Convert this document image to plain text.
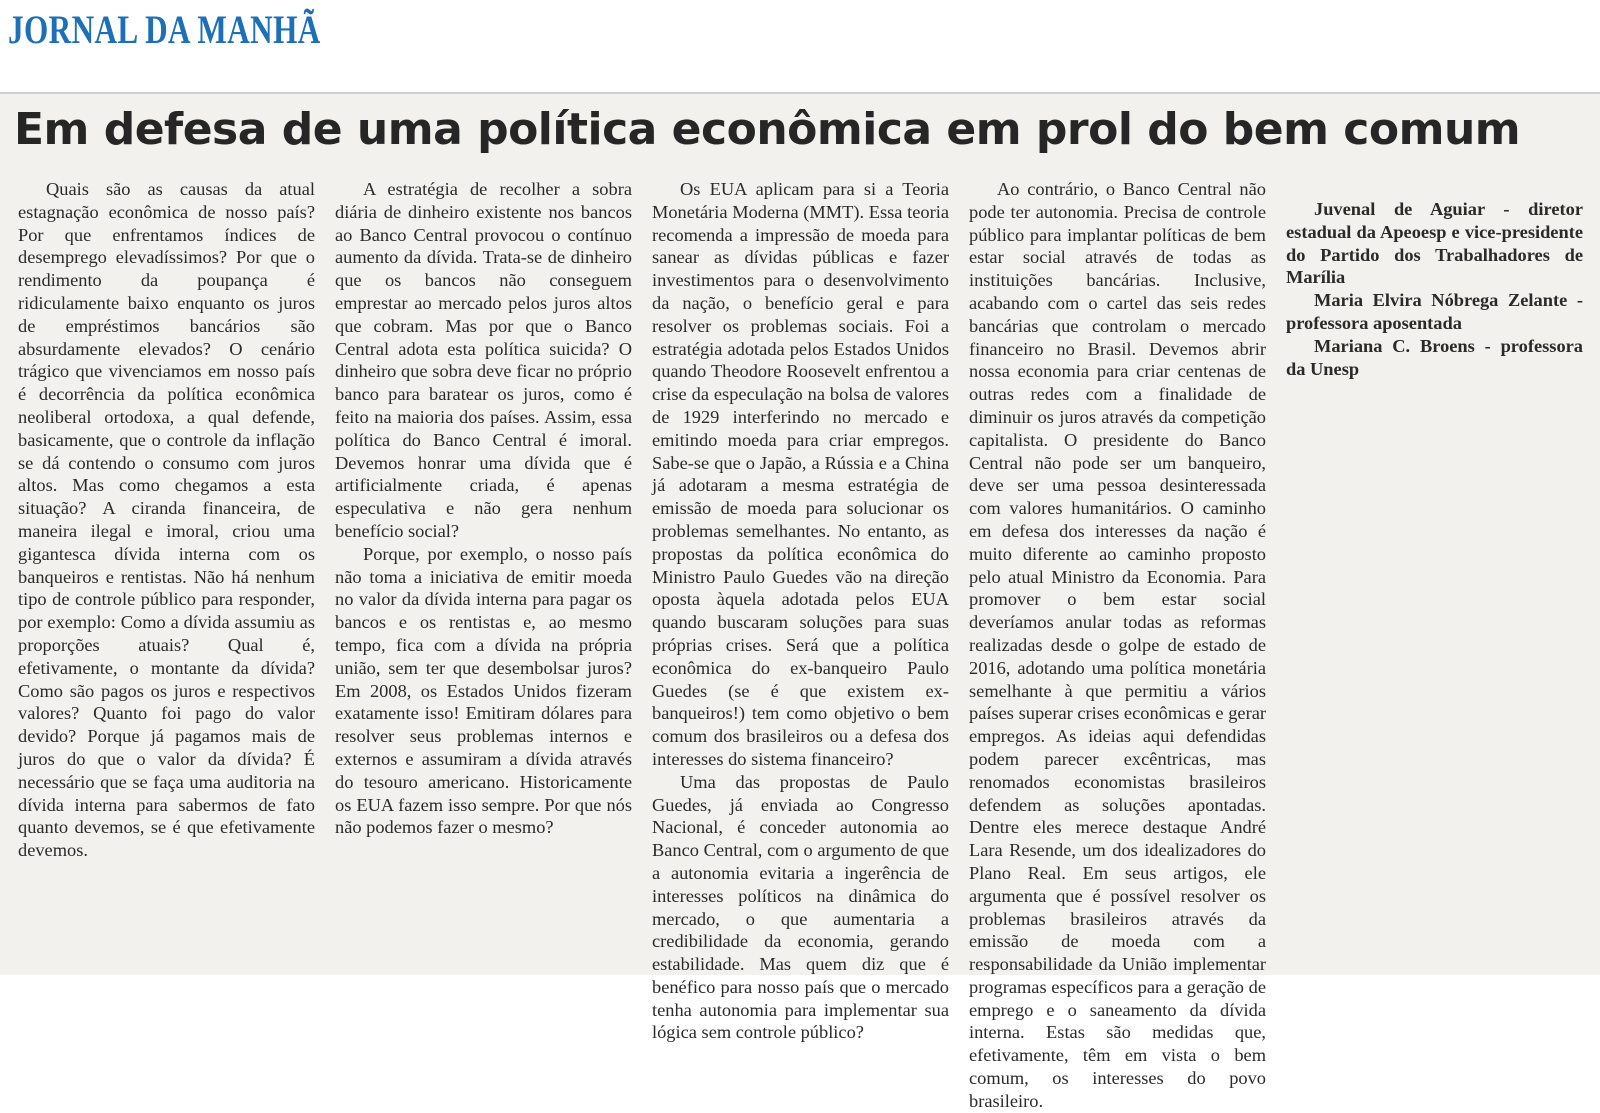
JORNAL DA MANHÃ
Em defesa de uma política econômica em prol do bem comum

Quais são as causas da atual estagnação econômica de nosso país? Por que enfrentamos índices de desemprego elevadíssimos? Por que o rendimento da poupança é ridiculamente baixo enquanto os juros de empréstimos bancários são absurdamente elevados? O cenário trágico que vivenciamos em nosso país é decorrência da política econômica neoliberal ortodoxa, a qual defende, basicamente, que o controle da inflação se dá contendo o consumo com juros altos. Mas como chegamos a esta situação? A ciranda financeira, de maneira ilegal e imoral, criou uma gigantesca dívida interna com os banqueiros e rentistas. Não há nenhum tipo de controle público para responder, por exemplo: Como a dívida assumiu as proporções atuais? Qual é, efetivamente, o montante da dívida? Como são pagos os juros e respectivos valores? Quanto foi pago do valor devido? Porque já pagamos mais de juros do que o valor da dívida? É necessário que se faça uma auditoria na dívida interna para sabermos de fato quanto devemos, se é que efetivamente devemos.

A estratégia de recolher a sobra diária de dinheiro existente nos bancos ao Banco Central provocou o contínuo aumento da dívida. Trata-se de dinheiro que os bancos não conseguem emprestar ao mercado pelos juros altos que cobram. Mas por que o Banco Central adota esta política suicida? O dinheiro que sobra deve ficar no próprio banco para baratear os juros, como é feito na maioria dos países. Assim, essa política do Banco Central é imoral. Devemos honrar uma dívida que é artificialmente criada, é apenas especulativa e não gera nenhum benefício social?

Porque, por exemplo, o nosso país não toma a iniciativa de emitir moeda no valor da dívida interna para pagar os bancos e os rentistas e, ao mesmo tempo, fica com a dívida na própria união, sem ter que desembolsar juros? Em 2008, os Estados Unidos fizeram exatamente isso! Emitiram dólares para resolver seus problemas internos e externos e assumiram a dívida através do tesouro americano. Historicamente os EUA fazem isso sempre. Por que nós não podemos fazer o mesmo?

Os EUA aplicam para si a Teoria Monetária Moderna (MMT). Essa teoria recomenda a impressão de moeda para sanear as dívidas públicas e fazer investimentos para o desenvolvimento da nação, o benefício geral e para resolver os problemas sociais. Foi a estratégia adotada pelos Estados Unidos quando Theodore Roosevelt enfrentou a crise da especulação na bolsa de valores de 1929 interferindo no mercado e emitindo moeda para criar empregos. Sabe-se que o Japão, a Rússia e a China já adotaram a mesma estratégia de emissão de moeda para solucionar os problemas semelhantes. No entanto, as propostas da política econômica do Ministro Paulo Guedes vão na direção oposta àquela adotada pelos EUA quando buscaram soluções para suas próprias crises. Será que a política econômica do ex-banqueiro Paulo Guedes (se é que existem ex-banqueiros!) tem como objetivo o bem comum dos brasileiros ou a defesa dos interesses do sistema financeiro?

Uma das propostas de Paulo Guedes, já enviada ao Congresso Nacional, é conceder autonomia ao Banco Central, com o argumento de que a autonomia evitaria a ingerência de interesses políticos na dinâmica do mercado, o que aumentaria a credibilidade da economia, gerando estabilidade. Mas quem diz que é benéfico para nosso país que o mercado tenha autonomia para implementar sua lógica sem controle público?

Ao contrário, o Banco Central não pode ter autonomia. Precisa de controle público para implantar políticas de bem estar social através de todas as instituições bancárias. Inclusive, acabando com o cartel das seis redes bancárias que controlam o mercado financeiro no Brasil. Devemos abrir nossa economia para criar centenas de outras redes com a finalidade de diminuir os juros através da competição capitalista. O presidente do Banco Central não pode ser um banqueiro, deve ser uma pessoa desinteressada com valores humanitários. O caminho em defesa dos interesses da nação é muito diferente ao caminho proposto pelo atual Ministro da Economia. Para promover o bem estar social deveríamos anular todas as reformas realizadas desde o golpe de estado de 2016, adotando uma política monetária semelhante à que permitiu a vários países superar crises econômicas e gerar empregos. As ideias aqui defendidas podem parecer excêntricas, mas renomados economistas brasileiros defendem as soluções apontadas. Dentre eles merece destaque André Lara Resende, um dos idealizadores do Plano Real. Em seus artigos, ele argumenta que é possível resolver os problemas brasileiros através da emissão de moeda com a responsabilidade da União implementar programas específicos para a geração de emprego e o saneamento da dívida interna. Estas são medidas que, efetivamente, têm em vista o bem comum, os interesses do povo brasileiro.

Juvenal de Aguiar - diretor estadual da Apeoesp e vice-presidente do Partido dos Trabalhadores de Marília
Maria Elvira Nóbrega Zelante - professora aposentada
Mariana C. Broens - professora da Unesp
